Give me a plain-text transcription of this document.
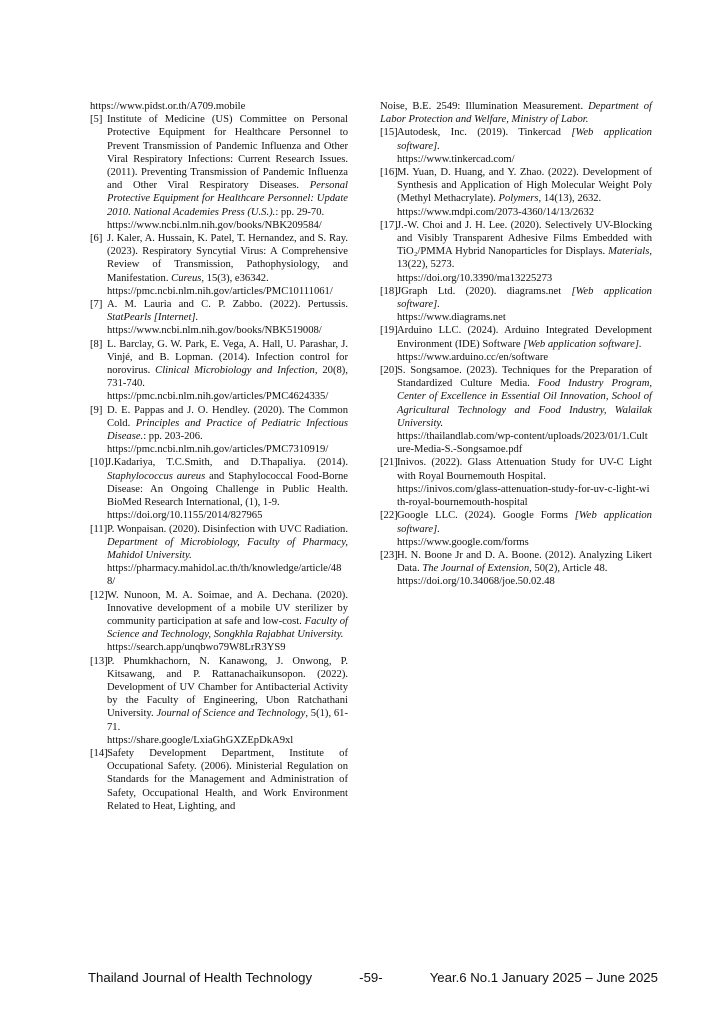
https://www.pidst.or.th/A709.mobile
[5] Institute of Medicine (US) Committee on Personal Protective Equipment for Healthcare Personnel to Prevent Transmission of Pandemic Influenza and Other Viral Respiratory Infections: Current Research Issues. (2011). Preventing Transmission of Pandemic Influenza and Other Viral Respiratory Diseases. Personal Protective Equipment for Healthcare Personnel: Update 2010. National Academies Press (U.S.).: pp. 29-70.
https://www.ncbi.nlm.nih.gov/books/NBK209584/
[6] J. Kaler, A. Hussain, K. Patel, T. Hernandez, and S. Ray. (2023). Respiratory Syncytial Virus: A Comprehensive Review of Transmission, Pathophysiology, and Manifestation. Cureus, 15(3), e36342.
https://pmc.ncbi.nlm.nih.gov/articles/PMC10111061/
[7] A. M. Lauria and C. P. Zabbo. (2022). Pertussis. StatPearls [Internet].
https://www.ncbi.nlm.nih.gov/books/NBK519008/
[8] L. Barclay, G. W. Park, E. Vega, A. Hall, U. Parashar, J. Vinjé, and B. Lopman. (2014). Infection control for norovirus. Clinical Microbiology and Infection, 20(8), 731-740.
https://pmc.ncbi.nlm.nih.gov/articles/PMC4624335/
[9] D. E. Pappas and J. O. Hendley. (2020). The Common Cold. Principles and Practice of Pediatric Infectious Disease.: pp. 203-206.
https://pmc.ncbi.nlm.nih.gov/articles/PMC7310919/
[10] J.Kadariya, T.C.Smith, and D.Thapaliya. (2014). Staphylococcus aureus and Staphylococcal Food-Borne Disease: An Ongoing Challenge in Public Health. BioMed Research International, (1), 1-9.
https://doi.org/10.1155/2014/827965
[11] P. Wonpaisan. (2020). Disinfection with UVC Radiation. Department of Microbiology, Faculty of Pharmacy, Mahidol University.
https://pharmacy.mahidol.ac.th/th/knowledge/article/488/
[12] W. Nunoon, M. A. Soimae, and A. Dechana. (2020). Innovative development of a mobile UV sterilizer by community participation at safe and low-cost. Faculty of Science and Technology, Songkhla Rajabhat University.
https://search.app/unqbwo79W8LrR3YS9
[13] P. Phumkhachorn, N. Kanawong, J. Onwong, P. Kitsawang, and P. Rattanachaikunsopon. (2022). Development of UV Chamber for Antibacterial Activity by the Faculty of Engineering, Ubon Ratchathani University. Journal of Science and Technology, 5(1), 61-71.
https://share.google/LxiaGhGXZEpDkA9xl
[14] Safety Development Department, Institute of Occupational Safety. (2006). Ministerial Regulation on Standards for the Management and Administration of Safety, Occupational Health, and Work Environment Related to Heat, Lighting, and
Noise, B.E. 2549: Illumination Measurement. Department of Labor Protection and Welfare, Ministry of Labor.
[15] Autodesk, Inc. (2019). Tinkercad [Web application software].
https://www.tinkercad.com/
[16] M. Yuan, D. Huang, and Y. Zhao. (2022). Development of Synthesis and Application of High Molecular Weight Poly (Methyl Methacrylate). Polymers, 14(13), 2632.
https://www.mdpi.com/2073-4360/14/13/2632
[17] J.-W. Choi and J. H. Lee. (2020). Selectively UV-Blocking and Visibly Transparent Adhesive Films Embedded with TiO₂/PMMA Hybrid Nanoparticles for Displays. Materials, 13(22), 5273.
https://doi.org/10.3390/ma13225273
[18] JGraph Ltd. (2020). diagrams.net [Web application software].
https://www.diagrams.net
[19] Arduino LLC. (2024). Arduino Integrated Development Environment (IDE) Software [Web application software].
https://www.arduino.cc/en/software
[20] S. Songsamoe. (2023). Techniques for the Preparation of Standardized Culture Media. Food Industry Program, Center of Excellence in Essential Oil Innovation, School of Agricultural Technology and Food Industry, Walailak University.
https://thailandlab.com/wp-content/uploads/2023/01/1.Culture-Media-S.-Songsamoe.pdf
[21] Inivos. (2022). Glass Attenuation Study for UV-C Light with Royal Bournemouth Hospital.
https://inivos.com/glass-attenuation-study-for-uv-c-light-with-royal-bournemouth-hospital
[22] Google LLC. (2024). Google Forms [Web application software].
https://www.google.com/forms
[23] H. N. Boone Jr and D. A. Boone. (2012). Analyzing Likert Data. The Journal of Extension, 50(2), Article 48.
https://doi.org/10.34068/joe.50.02.48
Thailand Journal of Health Technology	-59-	Year.6 No.1 January 2025 – June 2025
